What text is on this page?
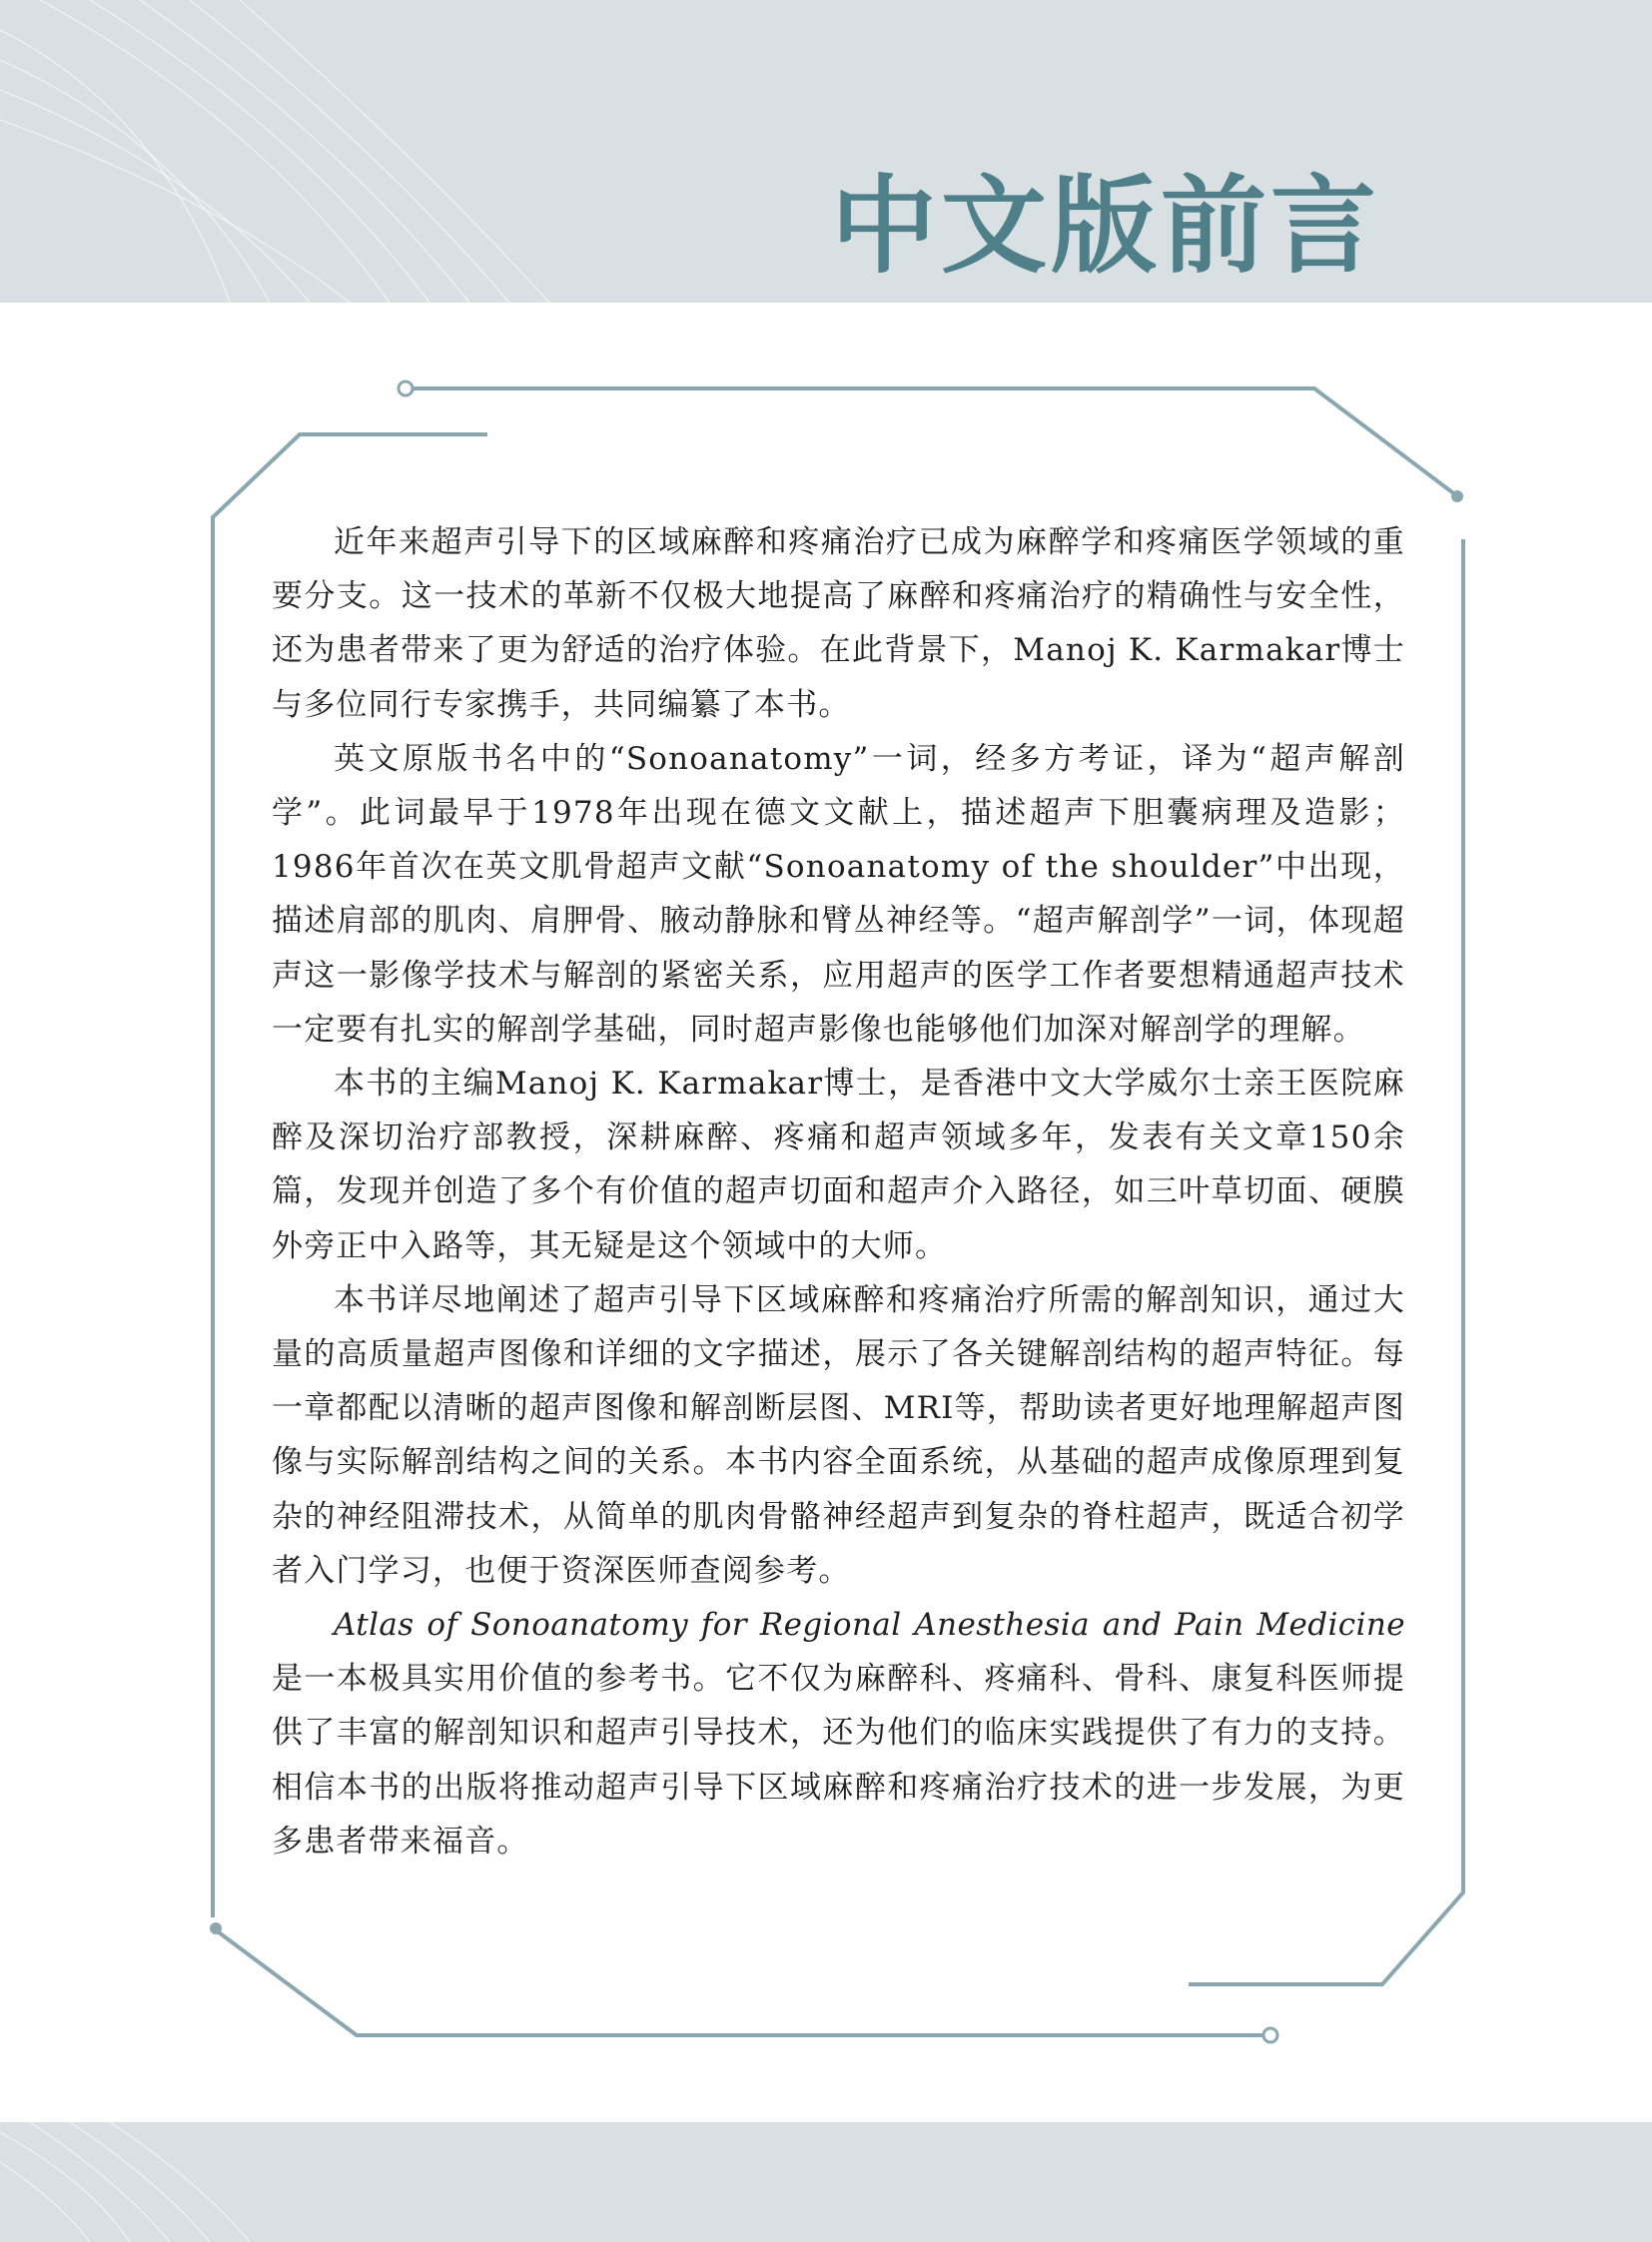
中文版前言

近年来超声引导下的区域麻醉和疼痛治疗已成为麻醉学和疼痛医学领域的重要分支。这一技术的革新不仅极大地提高了麻醉和疼痛治疗的精确性与安全性，还为患者带来了更为舒适的治疗体验。在此背景下，Manoj K. Karmakar博士与多位同行专家携手，共同编纂了本书。

英文原版书名中的“Sonoanatomy”一词，经多方考证，译为“超声解剖学”。此词最早于1978年出现在德文文献上，描述超声下胆囊病理及造影；1986年首次在英文肌骨超声文献“Sonoanatomy of the shoulder”中出现，描述肩部的肌肉、肩胛骨、腋动静脉和臂丛神经等。“超声解剖学”一词，体现超声这一影像学技术与解剖的紧密关系，应用超声的医学工作者要想精通超声技术一定要有扎实的解剖学基础，同时超声影像也能够他们加深对解剖学的理解。

本书的主编Manoj K. Karmakar博士，是香港中文大学威尔士亲王医院麻醉及深切治疗部教授，深耕麻醉、疼痛和超声领域多年，发表有关文章150余篇，发现并创造了多个有价值的超声切面和超声介入路径，如三叶草切面、硬膜外旁正中入路等，其无疑是这个领域中的大师。

本书详尽地阐述了超声引导下区域麻醉和疼痛治疗所需的解剖知识，通过大量的高质量超声图像和详细的文字描述，展示了各关键解剖结构的超声特征。每一章都配以清晰的超声图像和解剖断层图、MRI等，帮助读者更好地理解超声图像与实际解剖结构之间的关系。本书内容全面系统，从基础的超声成像原理到复杂的神经阻滞技术，从简单的肌肉骨骼神经超声到复杂的脊柱超声，既适合初学者入门学习，也便于资深医师查阅参考。

Atlas of Sonoanatomy for Regional Anesthesia and Pain Medicine 是一本极具实用价值的参考书。它不仅为麻醉科、疼痛科、骨科、康复科医师提供了丰富的解剖知识和超声引导技术，还为他们的临床实践提供了有力的支持。相信本书的出版将推动超声引导下区域麻醉和疼痛治疗技术的进一步发展，为更多患者带来福音。
